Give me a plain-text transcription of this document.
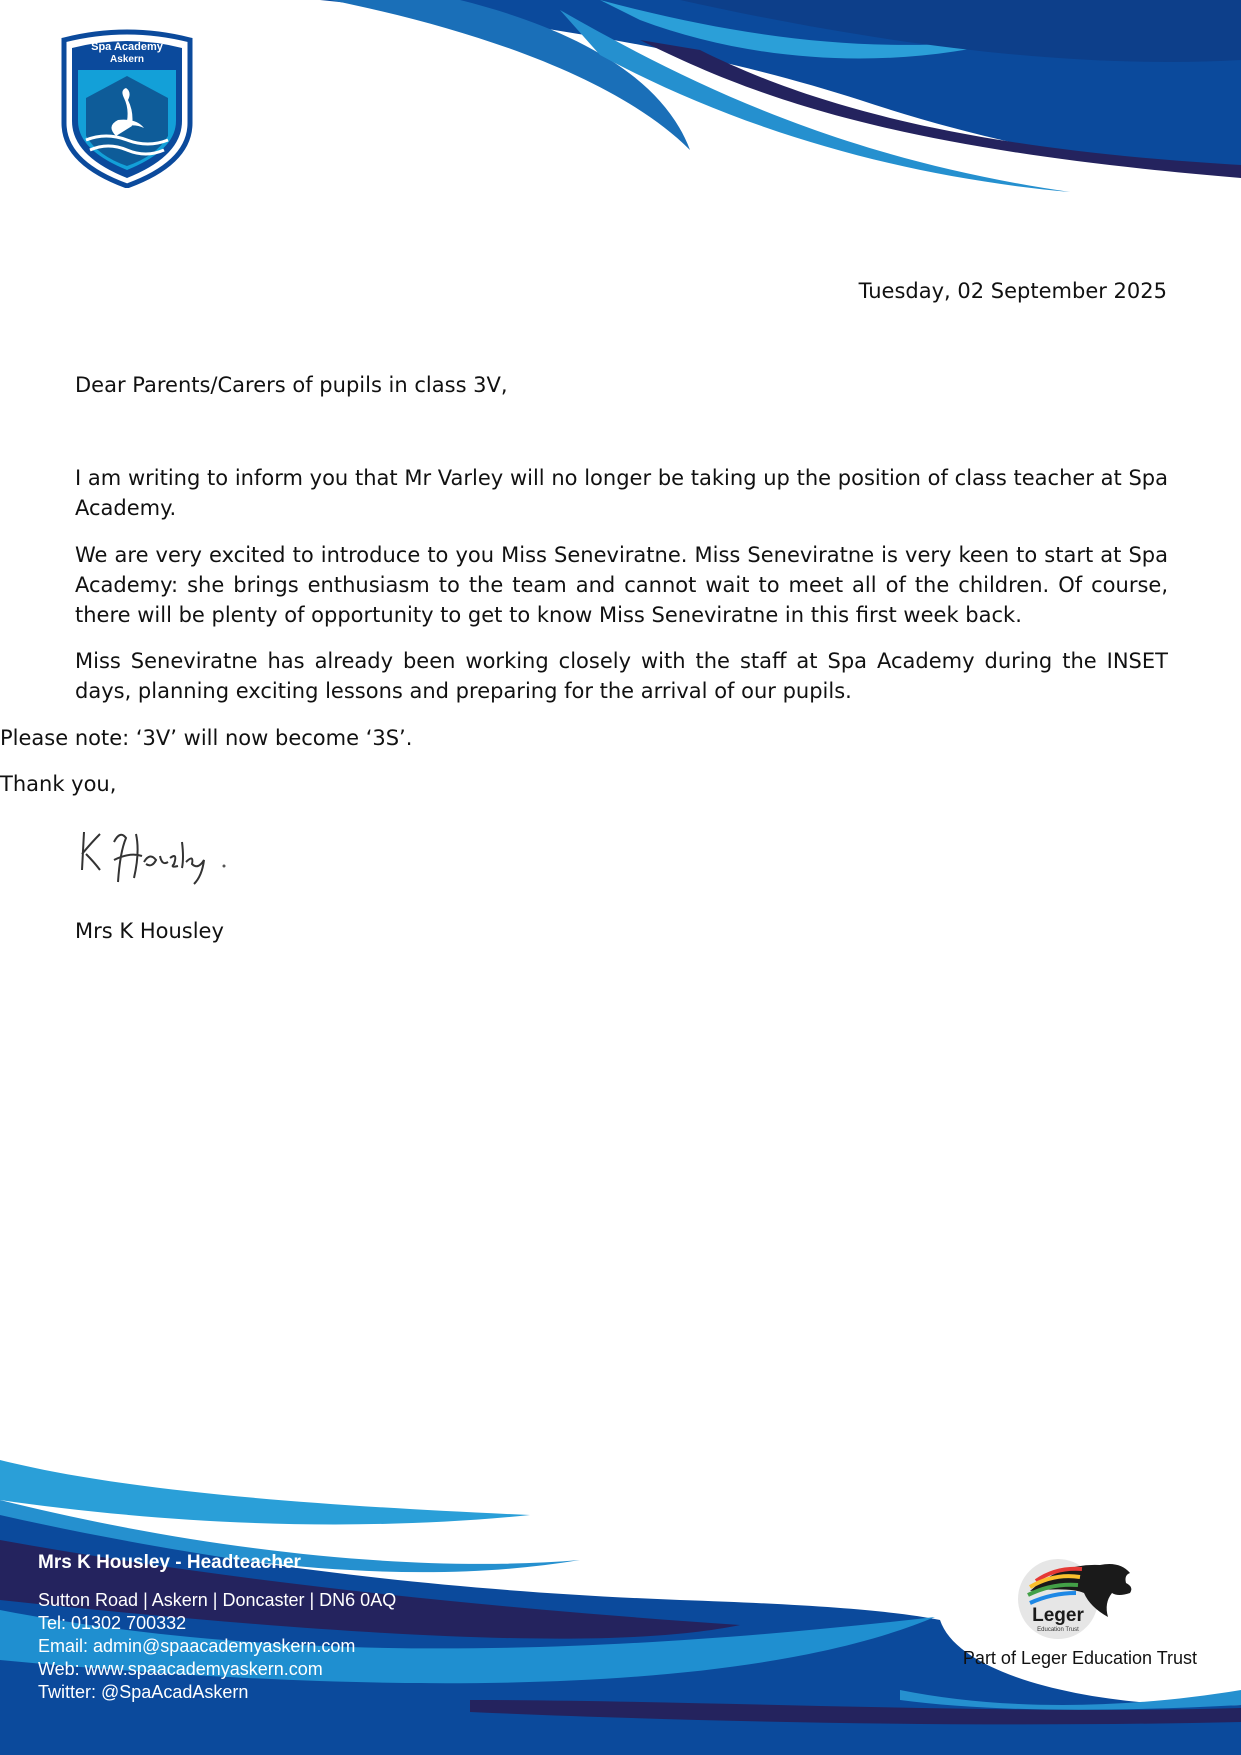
Spa Academy
Askern
Tuesday, 02 September 2025
Dear Parents/Carers of pupils in class 3V,
I am writing to inform you that Mr Varley will no longer be taking up the position of class teacher at Spa Academy.
We are very excited to introduce to you Miss Seneviratne. Miss Seneviratne is very keen to start at Spa Academy: she brings enthusiasm to the team and cannot wait to meet all of the children. Of course, there will be plenty of opportunity to get to know Miss Seneviratne in this first week back.
Miss Seneviratne has already been working closely with the staff at Spa Academy during the INSET days, planning exciting lessons and preparing for the arrival of our pupils.
Please note: ‘3V’ will now become ‘3S’.
Thank you,
Mrs K Housley
Mrs K Housley - Headteacher
Sutton Road | Askern | Doncaster | DN6 0AQ
Tel: 01302 700332
Email: admin@spaacademyaskern.com
Web: www.spaacademyaskern.com
Twitter: @SpaAcadAskern
Leger
Education Trust
Part of Leger Education Trust
